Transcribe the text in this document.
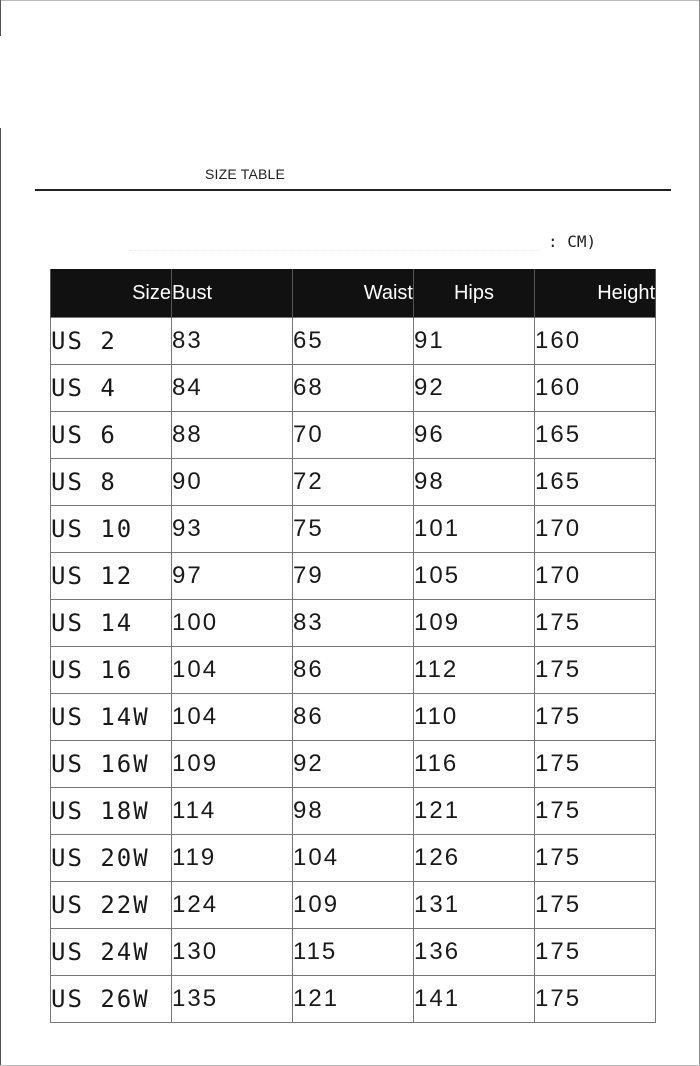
SIZE TABLE
: CM)
Size	Bust	Waist	Hips	Height
US 2	83	65	91	160
US 4	84	68	92	160
US 6	88	70	96	165
US 8	90	72	98	165
US 10	93	75	101	170
US 12	97	79	105	170
US 14	100	83	109	175
US 16	104	86	112	175
US 14W	104	86	110	175
US 16W	109	92	116	175
US 18W	114	98	121	175
US 20W	119	104	126	175
US 22W	124	109	131	175
US 24W	130	115	136	175
US 26W	135	121	141	175
